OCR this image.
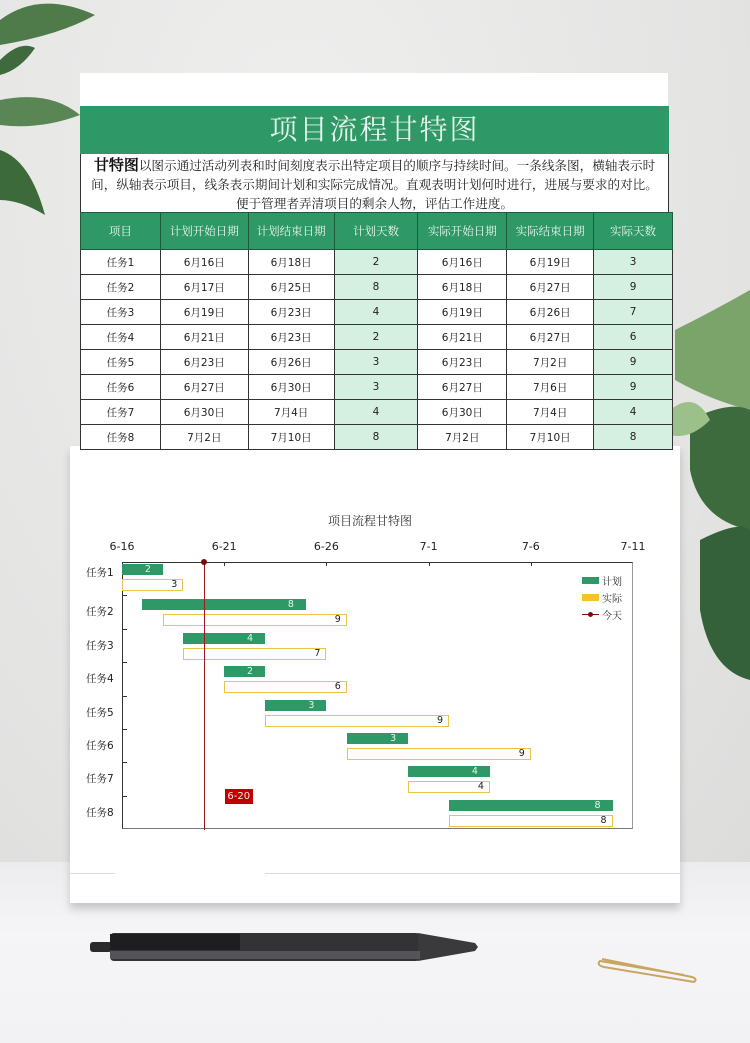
项目流程甘特图
甘特图以图示通过活动列表和时间刻度表示出特定项目的顺序与持续时间。一条线条图，横轴表示时间，纵轴表示项目，线条表示期间计划和实际完成情况。直观表明计划何时进行，进展与要求的对比。便于管理者弄清项目的剩余人物，评估工作进度。
项目	计划开始日期	计划结束日期	计划天数	实际开始日期	实际结束日期	实际天数
任务1	6月16日	6月18日	2	6月16日	6月19日	3
任务2	6月17日	6月25日	8	6月18日	6月27日	9
任务3	6月19日	6月23日	4	6月19日	6月26日	7
任务4	6月21日	6月23日	2	6月21日	6月27日	6
任务5	6月23日	6月26日	3	6月23日	7月2日	9
任务6	6月27日	6月30日	3	6月27日	7月6日	9
任务7	6月30日	7月4日	4	6月30日	7月4日	4
任务8	7月2日	7月10日	8	7月2日	7月10日	8
项目流程甘特图
计划
实际
今天
6-16	6-21	6-26	7-1	7-6	7-11
任务1	2
3
任务2
8
9
任务3
4
7
任务4
2
6
任务5
3
9
任务6
3
9
任务7
4
4
任务8
8
8
6-20
